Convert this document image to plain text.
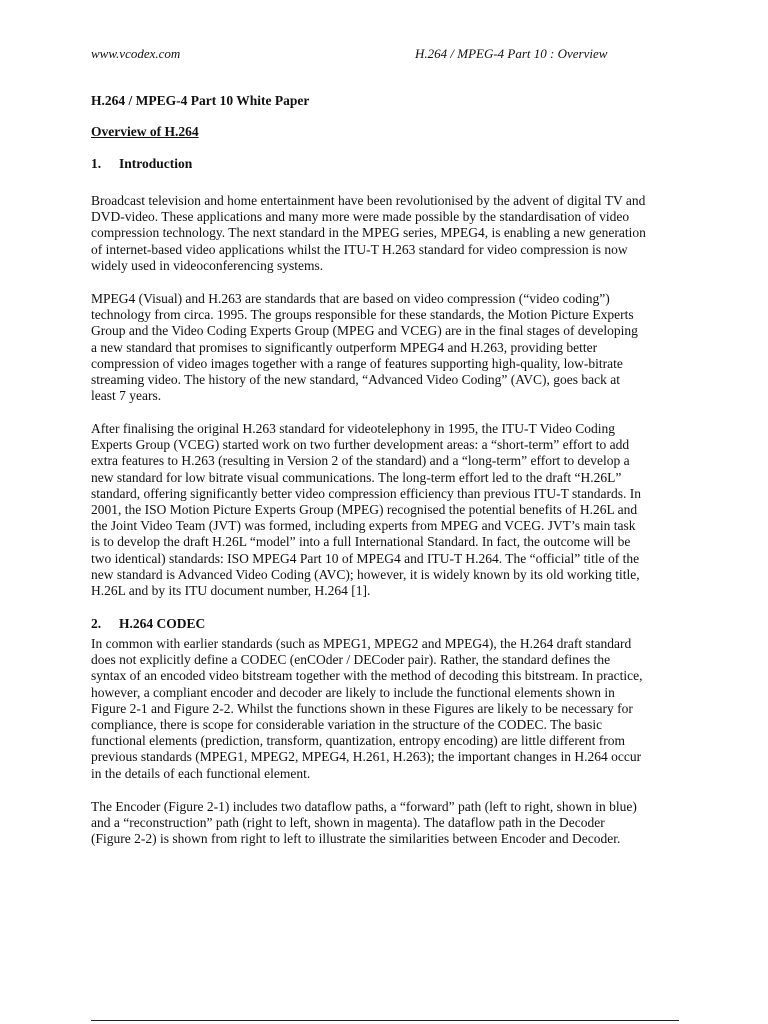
www.vcodex.com	H.264 / MPEG-4 Part 10 : Overview
H.264 / MPEG-4 Part 10 White Paper
Overview of H.264
1. Introduction
Broadcast television and home entertainment have been revolutionised by the advent of digital TV and
DVD-video. These applications and many more were made possible by the standardisation of video
compression technology. The next standard in the MPEG series, MPEG4, is enabling a new generation
of internet-based video applications whilst the ITU-T H.263 standard for video compression is now
widely used in videoconferencing systems.
MPEG4 (Visual) and H.263 are standards that are based on video compression (“video coding”)
technology from circa. 1995. The groups responsible for these standards, the Motion Picture Experts
Group and the Video Coding Experts Group (MPEG and VCEG) are in the final stages of developing
a new standard that promises to significantly outperform MPEG4 and H.263, providing better
compression of video images together with a range of features supporting high-quality, low-bitrate
streaming video. The history of the new standard, “Advanced Video Coding” (AVC), goes back at
least 7 years.
After finalising the original H.263 standard for videotelephony in 1995, the ITU-T Video Coding
Experts Group (VCEG) started work on two further development areas: a “short-term” effort to add
extra features to H.263 (resulting in Version 2 of the standard) and a “long-term” effort to develop a
new standard for low bitrate visual communications. The long-term effort led to the draft “H.26L”
standard, offering significantly better video compression efficiency than previous ITU-T standards. In
2001, the ISO Motion Picture Experts Group (MPEG) recognised the potential benefits of H.26L and
the Joint Video Team (JVT) was formed, including experts from MPEG and VCEG. JVT’s main task
is to develop the draft H.26L “model” into a full International Standard. In fact, the outcome will be
two identical) standards: ISO MPEG4 Part 10 of MPEG4 and ITU-T H.264. The “official” title of the
new standard is Advanced Video Coding (AVC); however, it is widely known by its old working title,
H.26L and by its ITU document number, H.264 [1].
2. H.264 CODEC
In common with earlier standards (such as MPEG1, MPEG2 and MPEG4), the H.264 draft standard
does not explicitly define a CODEC (enCOder / DECoder pair). Rather, the standard defines the
syntax of an encoded video bitstream together with the method of decoding this bitstream. In practice,
however, a compliant encoder and decoder are likely to include the functional elements shown in
Figure 2-1 and Figure 2-2. Whilst the functions shown in these Figures are likely to be necessary for
compliance, there is scope for considerable variation in the structure of the CODEC. The basic
functional elements (prediction, transform, quantization, entropy encoding) are little different from
previous standards (MPEG1, MPEG2, MPEG4, H.261, H.263); the important changes in H.264 occur
in the details of each functional element.
The Encoder (Figure 2-1) includes two dataflow paths, a “forward” path (left to right, shown in blue)
and a “reconstruction” path (right to left, shown in magenta). The dataflow path in the Decoder
(Figure 2-2) is shown from right to left to illustrate the similarities between Encoder and Decoder.
